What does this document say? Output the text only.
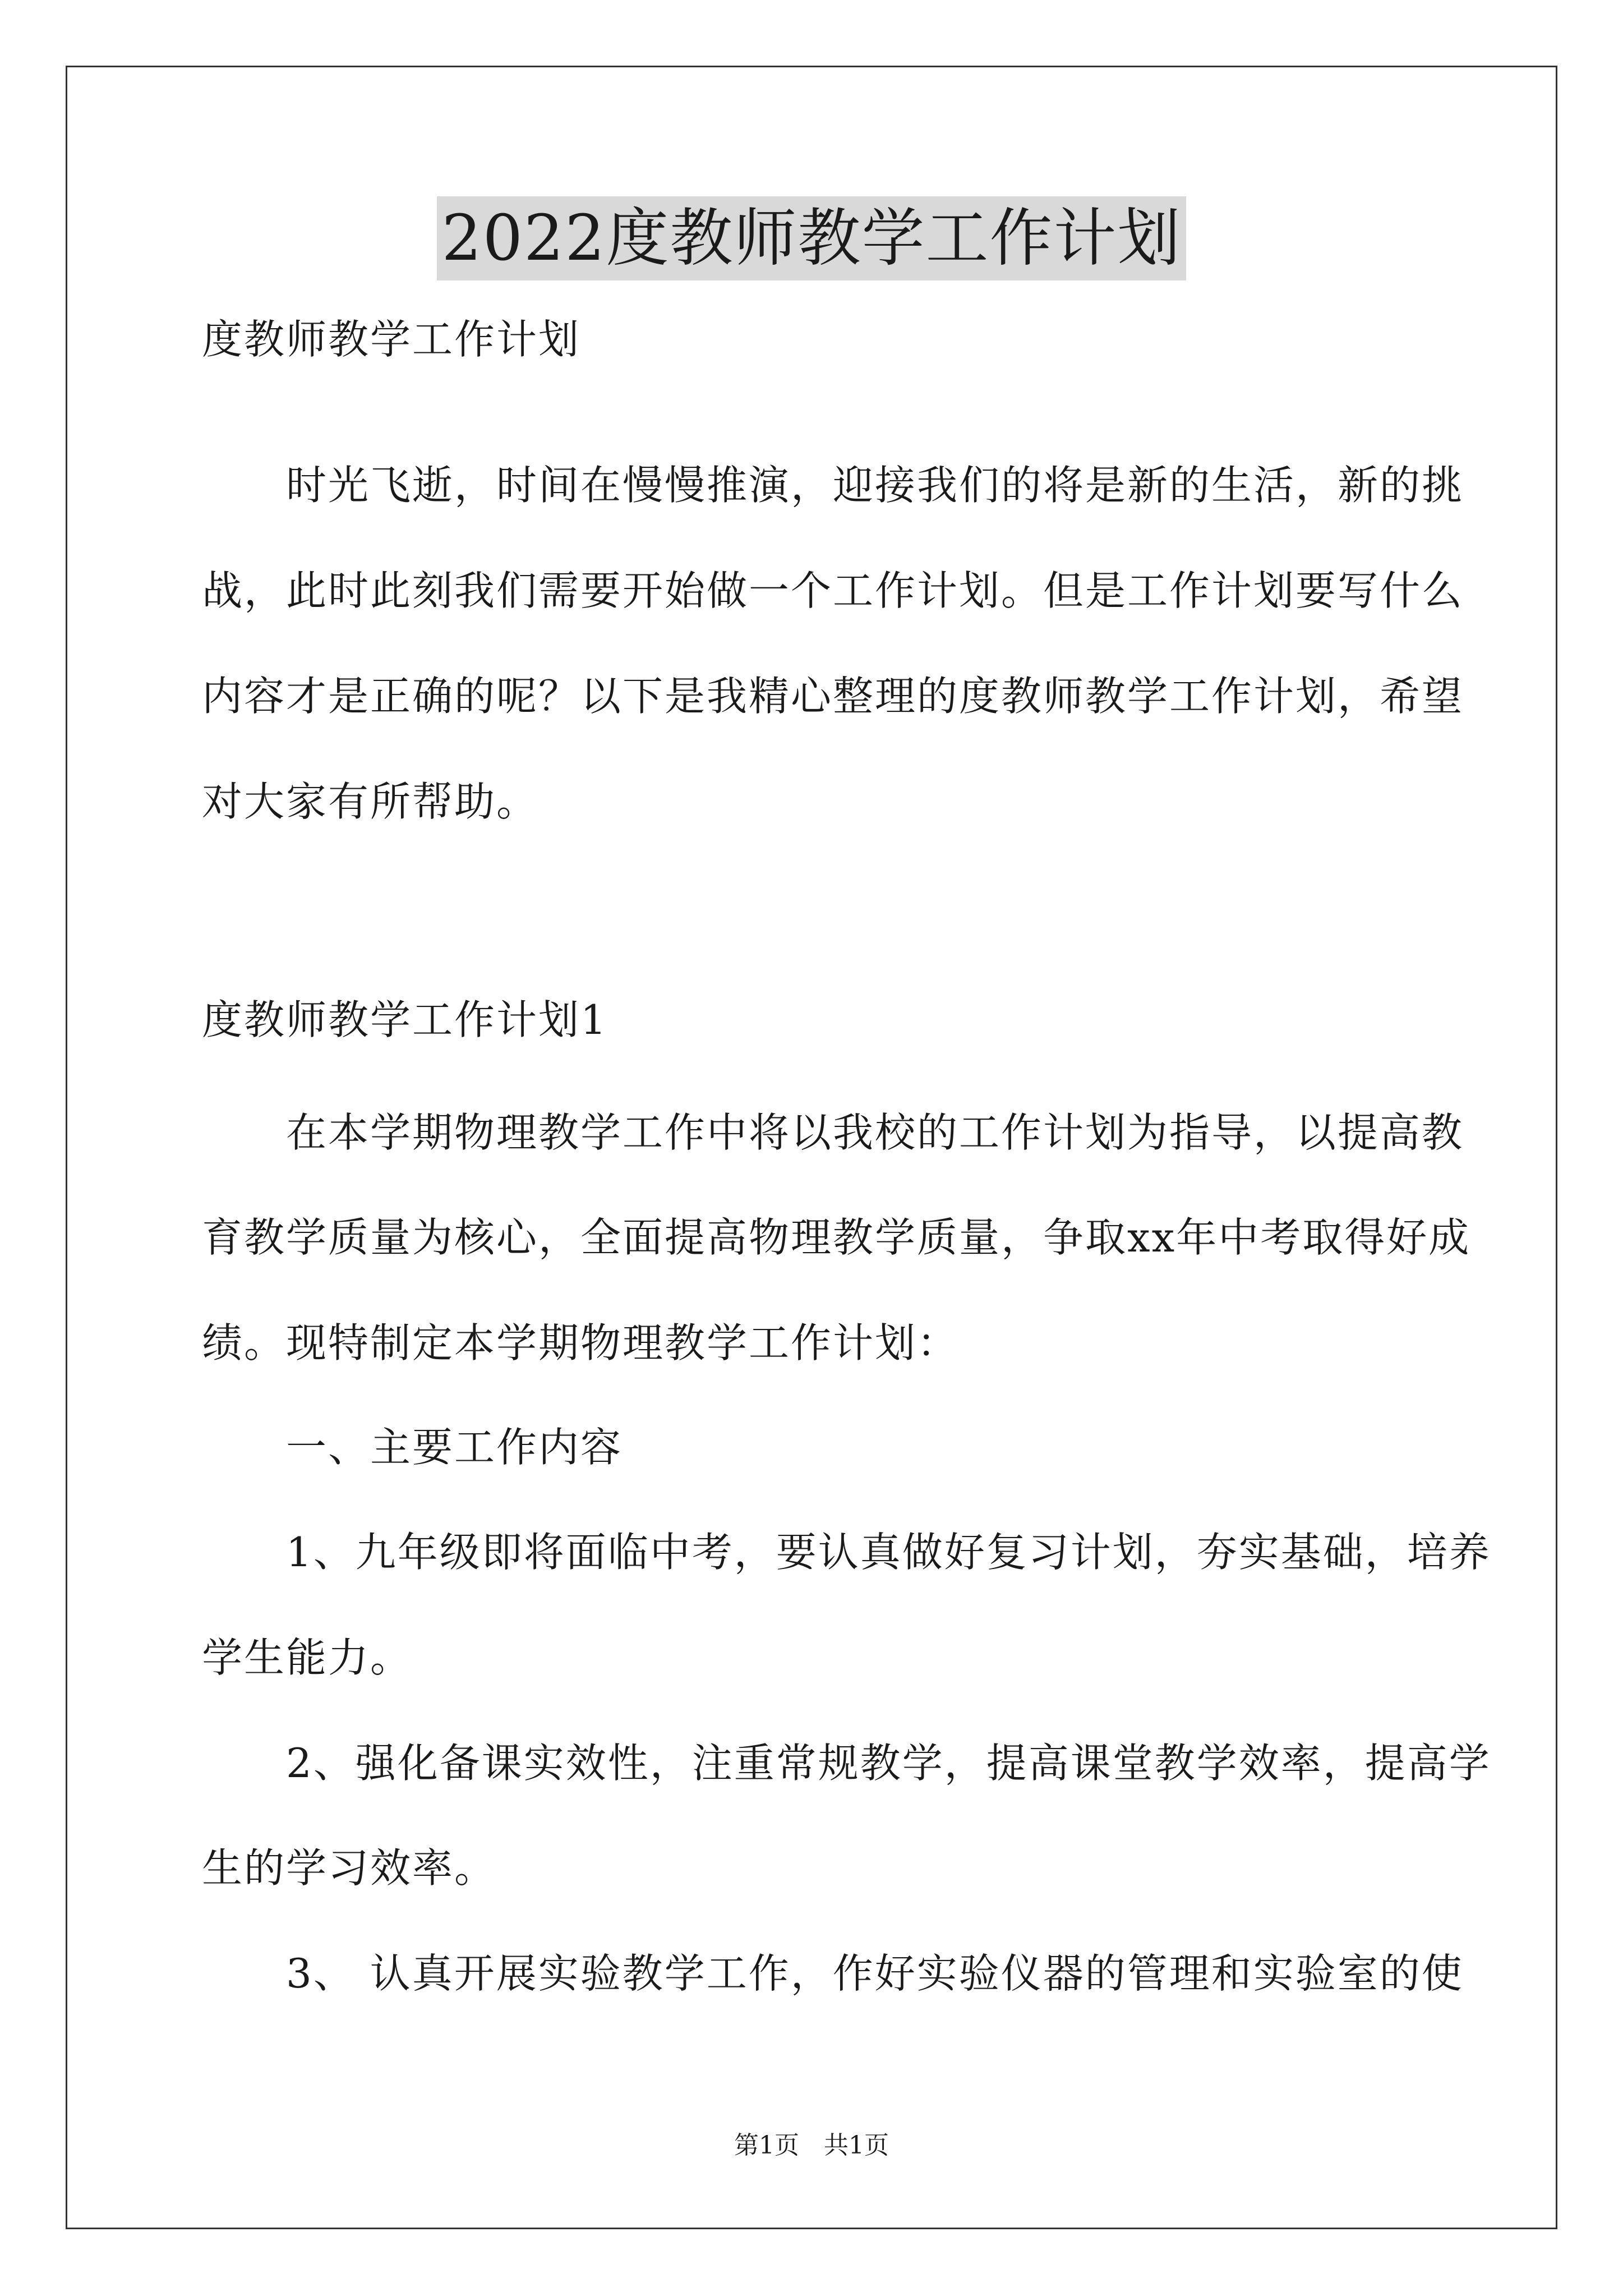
2022度教师教学工作计划
度教师教学工作计划
　　时光飞逝，时间在慢慢推演，迎接我们的将是新的生活，新的挑
战，此时此刻我们需要开始做一个工作计划。但是工作计划要写什么
内容才是正确的呢？以下是我精心整理的度教师教学工作计划，希望
对大家有所帮助。
度教师教学工作计划1
　　在本学期物理教学工作中将以我校的工作计划为指导，以提高教
育教学质量为核心，全面提高物理教学质量，争取xx年中考取得好成
绩。现特制定本学期物理教学工作计划：
　　一、主要工作内容
　　1、九年级即将面临中考，要认真做好复习计划，夯实基础，培养
学生能力。
　　2、强化备课实效性，注重常规教学，提高课堂教学效率，提高学
生的学习效率。
　　3、 认真开展实验教学工作，作好实验仪器的管理和实验室的使
第1页　共1页
